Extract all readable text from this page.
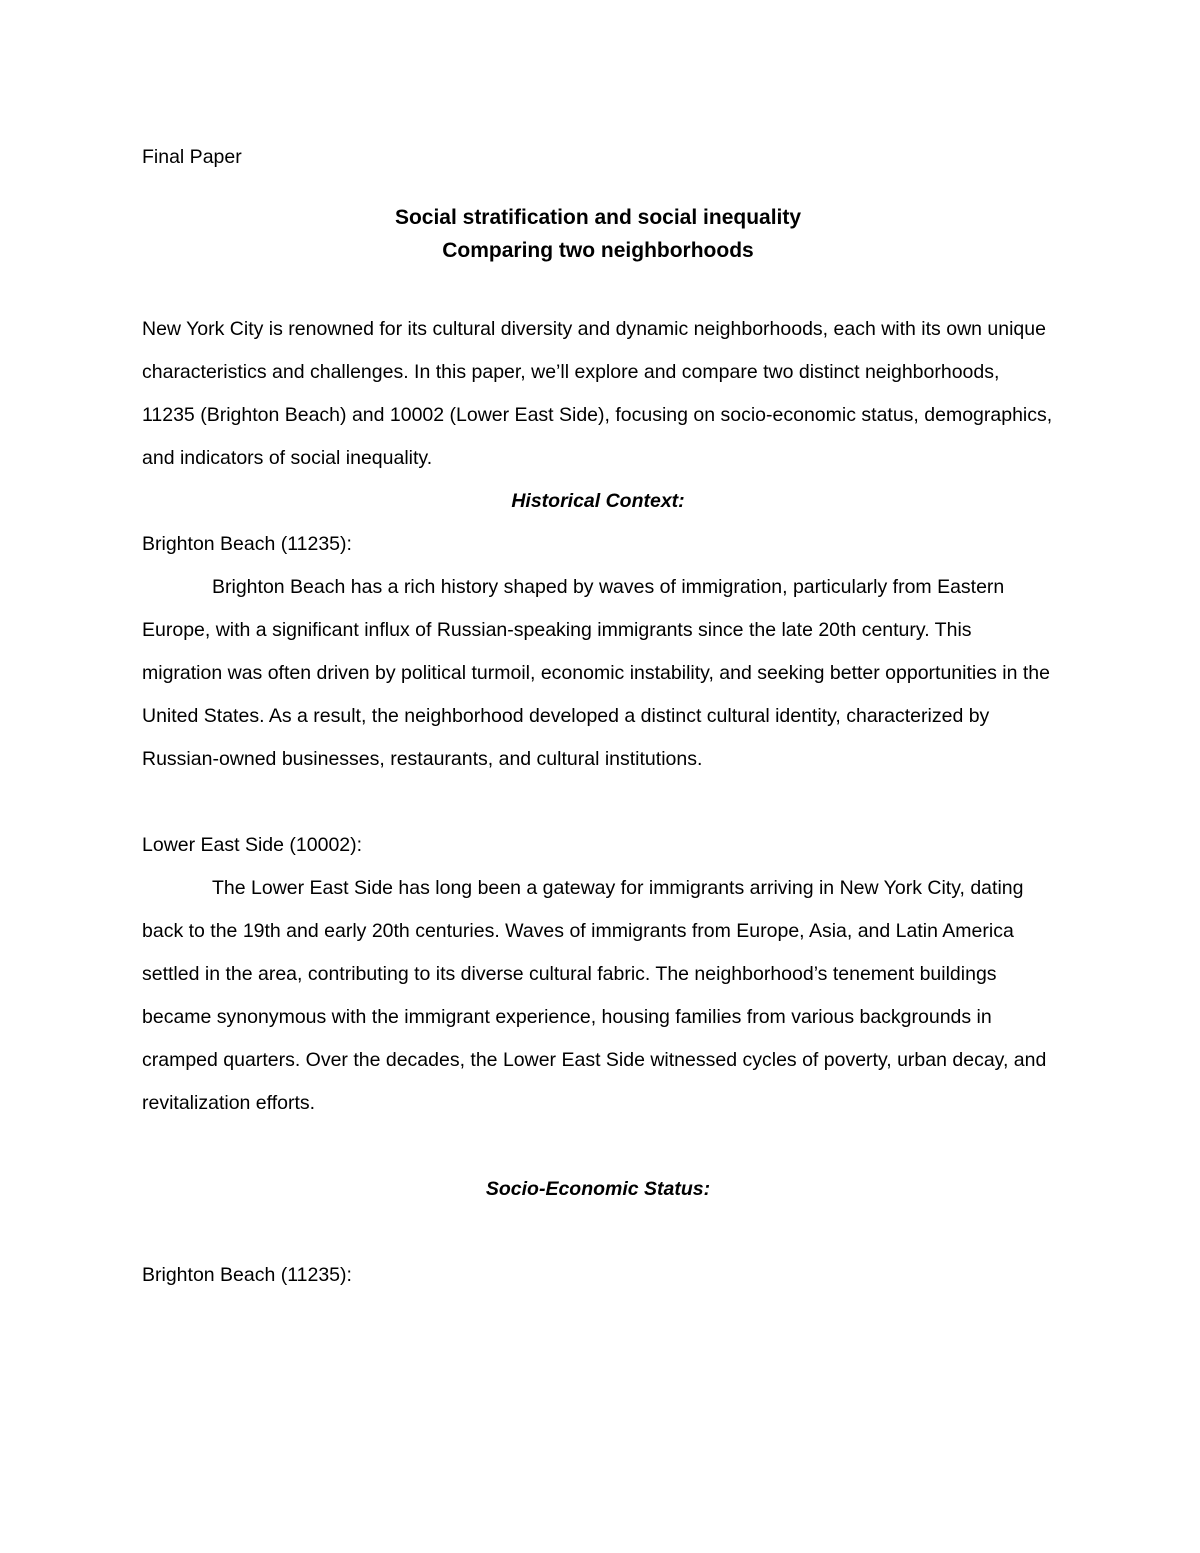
Final Paper

Social stratification and social inequality
Comparing two neighborhoods

New York City is renowned for its cultural diversity and dynamic neighborhoods, each with its own unique characteristics and challenges. In this paper, we’ll explore and compare two distinct neighborhoods, 11235 (Brighton Beach) and 10002 (Lower East Side), focusing on socio-economic status, demographics, and indicators of social inequality.

Historical Context:

Brighton Beach (11235):

Brighton Beach has a rich history shaped by waves of immigration, particularly from Eastern Europe, with a significant influx of Russian-speaking immigrants since the late 20th century. This migration was often driven by political turmoil, economic instability, and seeking better opportunities in the United States. As a result, the neighborhood developed a distinct cultural identity, characterized by Russian-owned businesses, restaurants, and cultural institutions.

Lower East Side (10002):

The Lower East Side has long been a gateway for immigrants arriving in New York City, dating back to the 19th and early 20th centuries. Waves of immigrants from Europe, Asia, and Latin America settled in the area, contributing to its diverse cultural fabric. The neighborhood’s tenement buildings became synonymous with the immigrant experience, housing families from various backgrounds in cramped quarters. Over the decades, the Lower East Side witnessed cycles of poverty, urban decay, and revitalization efforts.

Socio-Economic Status:

Brighton Beach (11235):
